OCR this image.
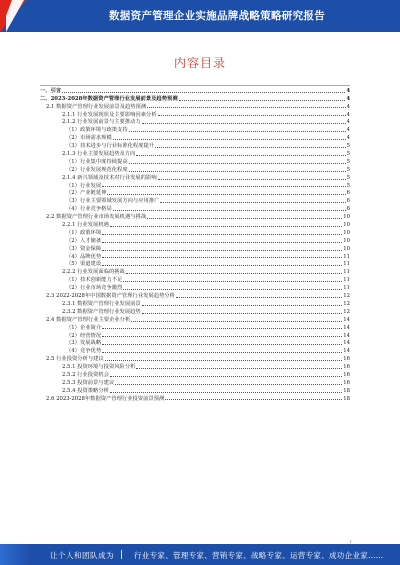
数据资产管理企业实施品牌战略策略研究报告
内容目录
一、引言	4
二、2023-2028年数据资产管理行业发展前景及趋势预测	4
2.1 数据资产管理行业发展前景及趋势预测	4
2.1.1 行业发展现状及主要影响因素分析	4
2.1.2 行业发展前景与主要推动力	4
（1）政策环境与政策支持	4
（2）市场需求规模	4
（3）技术进步与行业标准化程度提升	5
2.1.3 行业主要发展趋势及方向	5
（1）行业集中度持续提高	5
（2）行业发展规范化程度	5
2.1.4 新兴领域及技术对行业发展的影响	5
（1）行业发展	5
（2）产业链延伸	6
（3）行业主要领域发展方向与应用推广	6
（4）行业竞争格局	6
2.2 数据资产管理行业市场发展机遇与挑战	10
2.2.1 行业发展机遇	10
（1）政策环境	10
（2）人才储备	10
（3）资金保障	10
（4）品牌优势	11
（5）渠道建设	11
2.2.2 行业发展面临的挑战	11
（1）技术创新能力不足	11
（2）行业市场竞争激烈	11
2.3 2022-2028年中国数据资产管理行业发展趋势分析	12
2.3.1 数据资产管理行业发展前景	12
2.3.2 数据资产管理行业发展趋势	12
2.4 数据资产管理行业主要企业分析	14
（1）企业简介	14
（2）经营情况	14
（3）发展战略	14
（4）竞争优势	14
2.5 行业投资分析与建议	16
2.5.1 投资环境与投资风险分析	16
2.5.2 行业投资机会	16
2.5.3 投资前景与建议	16
2.5.4 投资策略分析	18
2.6 2023-2028年数据资产管理行业投资前景预测	18
1
让个人和团队成为	行业专家、管理专家、营销专家、战略专家、运营专家、成功企业家……
